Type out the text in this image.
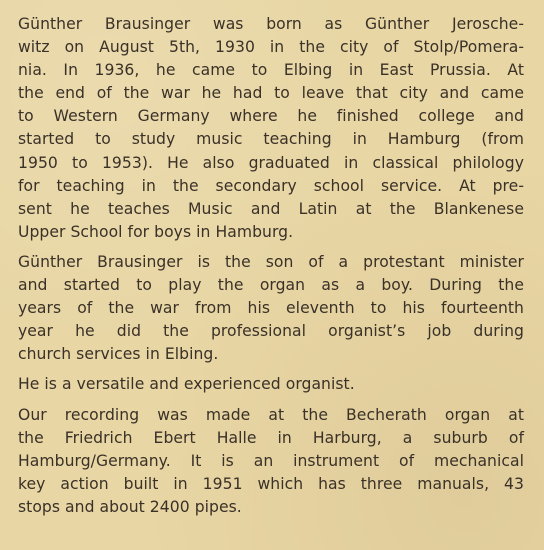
Günther Brausinger was born as Günther Jerosche-
witz on August 5th, 1930 in the city of Stolp/Pomera-
nia. In 1936, he came to Elbing in East Prussia. At
the end of the war he had to leave that city and came
to Western Germany where he finished college and
started to study music teaching in Hamburg (from
1950 to 1953). He also graduated in classical philology
for teaching in the secondary school service. At pre-
sent he teaches Music and Latin at the Blankenese
Upper School for boys in Hamburg.
Günther Brausinger is the son of a protestant minister
and started to play the organ as a boy. During the
years of the war from his eleventh to his fourteenth
year he did the professional organist’s job during
church services in Elbing.
He is a versatile and experienced organist.
Our recording was made at the Becherath organ at
the Friedrich Ebert Halle in Harburg, a suburb of
Hamburg/Germany. It is an instrument of mechanical
key action built in 1951 which has three manuals, 43
stops and about 2400 pipes.
